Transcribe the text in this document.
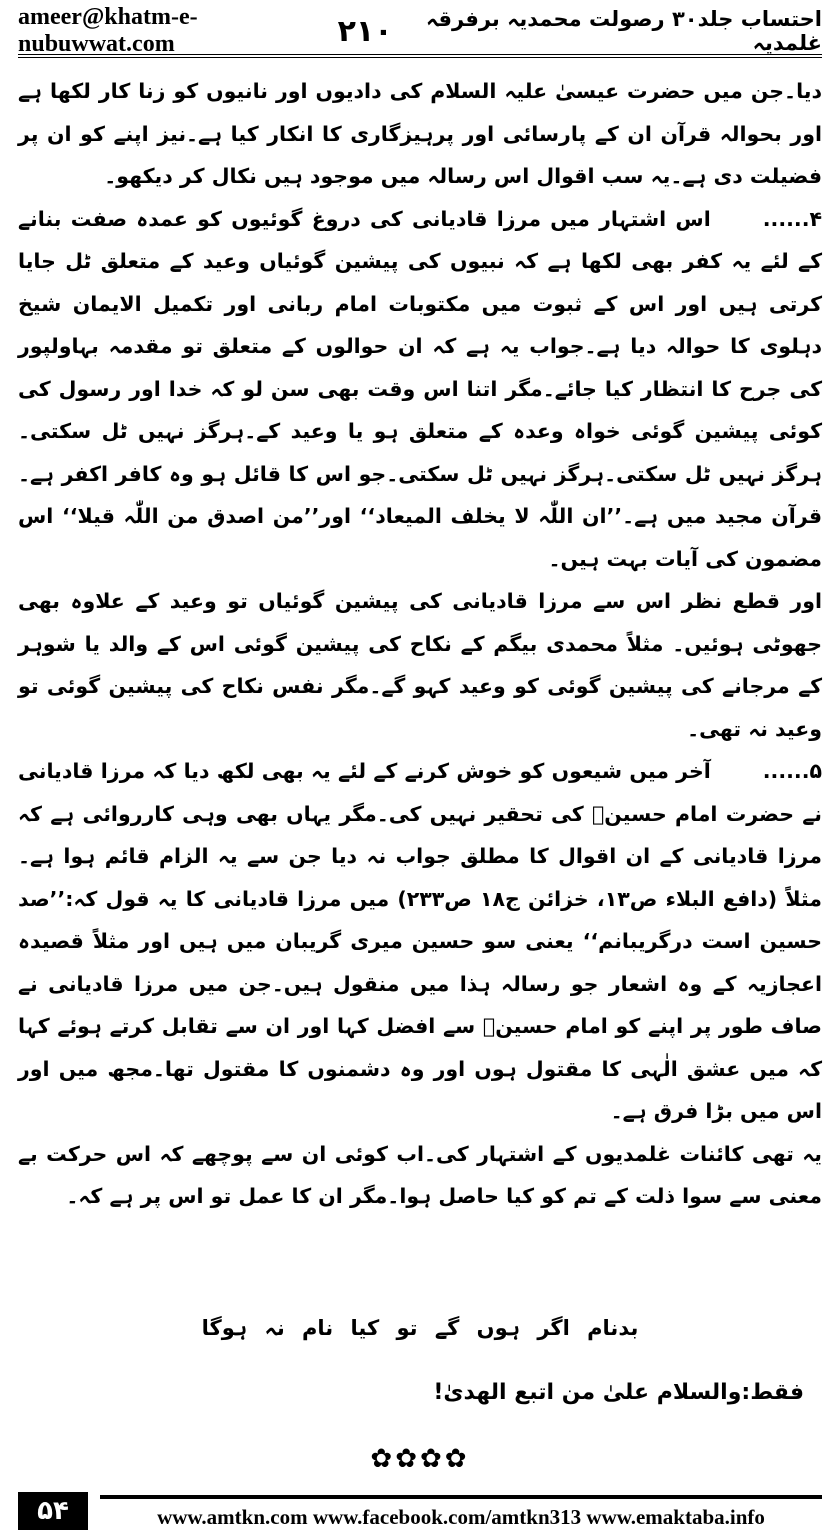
ameer@khatm-e-nubuwwat.com	۲۱۰	احتساب جلد۳۰ رصولت محمدیہ برفرقہ غلمدیہ

دیا۔جن میں حضرت عیسیٰ علیہ السلام کی دادیوں اور نانیوں کو زنا کار لکھا ہے اور بحوالہ قرآن ان کے پارسائی اور پرہیزگاری کا انکار کیا ہے۔نیز اپنے کو ان پر فضیلت دی ہے۔یہ سب اقوال اس رسالہ میں موجود ہیں نکال کر دیکھو۔

۴......اس اشتہار میں مرزا قادیانی کی دروغ گوئیوں کو عمدہ صفت بنانے کے لئے یہ کفر بھی لکھا ہے کہ نبیوں کی پیشین گوئیاں وعید کے متعلق ٹل جایا کرتی ہیں اور اس کے ثبوت میں مکتوبات امام ربانی اور تکمیل الایمان شیخ دہلوی کا حوالہ دیا ہے۔جواب یہ ہے کہ ان حوالوں کے متعلق تو مقدمہ بہاولپور کی جرح کا انتظار کیا جائے۔مگر اتنا اس وقت بھی سن لو کہ خدا اور رسول کی کوئی پیشین گوئی خواہ وعدہ کے متعلق ہو یا وعید کے۔ہرگز نہیں ٹل سکتی۔ہرگز نہیں ٹل سکتی۔ہرگز نہیں ٹل سکتی۔جو اس کا قائل ہو وہ کافر اکفر ہے۔قرآن مجید میں ہے۔’’ان اللّٰہ لا یخلف المیعاد‘‘ اور’’من اصدق من اللّٰہ قیلا‘‘ اس مضمون کی آیات بہت ہیں۔

اور قطع نظر اس سے مرزا قادیانی کی پیشین گوئیاں تو وعید کے علاوہ بھی جھوٹی ہوئیں۔ مثلاً محمدی بیگم کے نکاح کی پیشین گوئی اس کے والد یا شوہر کے مرجانے کی پیشین گوئی کو وعید کہو گے۔مگر نفس نکاح کی پیشین گوئی تو وعید نہ تھی۔

۵......آخر میں شیعوں کو خوش کرنے کے لئے یہ بھی لکھ دیا کہ مرزا قادیانی نے حضرت امام حسینؓ کی تحقیر نہیں کی۔مگر یہاں بھی وہی کارروائی ہے کہ مرزا قادیانی کے ان اقوال کا مطلق جواب نہ دیا جن سے یہ الزام قائم ہوا ہے۔مثلاً (دافع البلاء ص۱۳، خزائن ج۱۸ ص۲۳۳) میں مرزا قادیانی کا یہ قول کہ:’’صد حسین است درگریبانم‘‘ یعنی سو حسین میری گریبان میں ہیں اور مثلاً قصیدہ اعجازیہ کے وہ اشعار جو رسالہ ہذا میں منقول ہیں۔جن میں مرزا قادیانی نے صاف طور پر اپنے کو امام حسینؓ سے افضل کہا اور ان سے تقابل کرتے ہوئے کہا کہ میں عشق الٰہی کا مقتول ہوں اور وہ دشمنوں کا مقتول تھا۔مجھ میں اور اس میں بڑا فرق ہے۔

یہ تھی کائنات غلمدیوں کے اشتہار کی۔اب کوئی ان سے پوچھے کہ اس حرکت بے معنی سے سوا ذلت کے تم کو کیا حاصل ہوا۔مگر ان کا عمل تو اس پر ہے کہ۔

بدنام اگر ہوں گے تو کیا نام نہ ہوگا
فقط:والسلام علیٰ من اتبع الھدیٰ!
✿✿✿✿
۵۴	www.amtkn.com www.facebook.com/amtkn313 www.emaktaba.info
